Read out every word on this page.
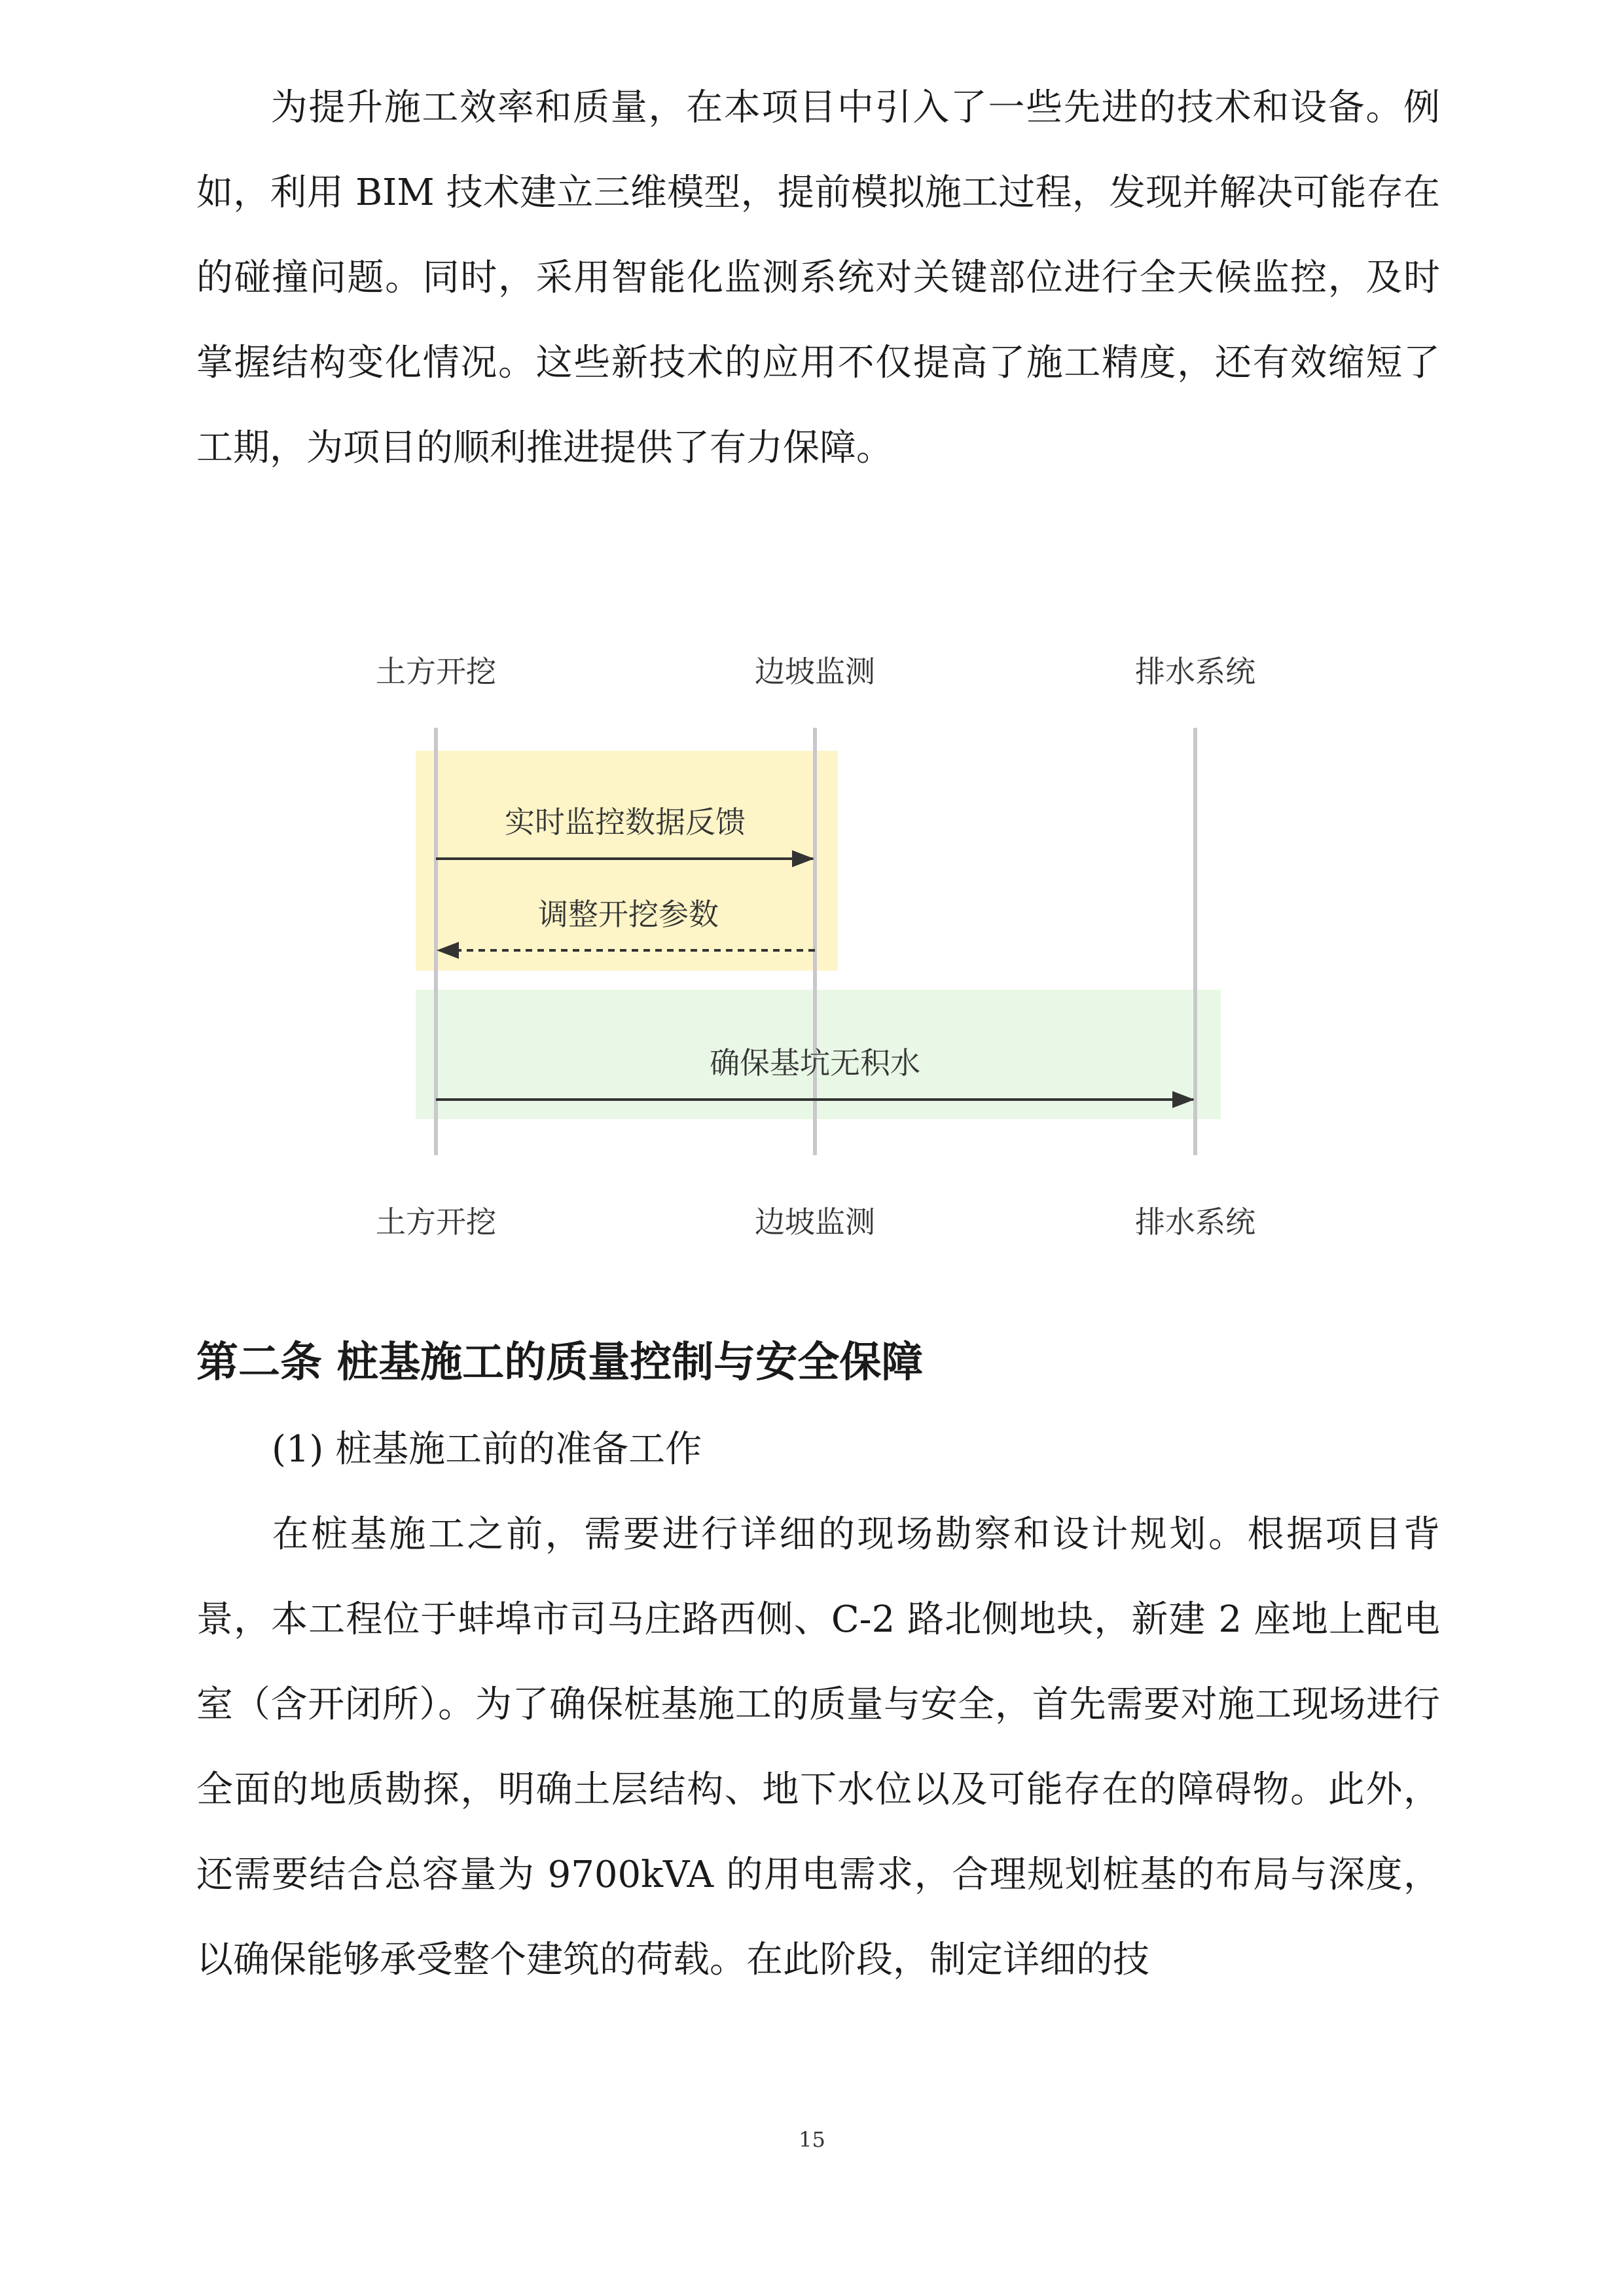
为提升施工效率和质量，在本项目中引入了一些先进的技术和设备。例如，利用 BIM 技术建立三维模型，提前模拟施工过程，发现并解决可能存在的碰撞问题。同时，采用智能化监测系统对关键部位进行全天候监控，及时掌握结构变化情况。这些新技术的应用不仅提高了施工精度，还有效缩短了工期，为项目的顺利推进提供了有力保障。

土方开挖	边坡监测	排水系统
实时监控数据反馈
调整开挖参数
确保基坑无积水
土方开挖	边坡监测	排水系统
第二条 桩基施工的质量控制与安全保障

(1) 桩基施工前的准备工作

在桩基施工之前，需要进行详细的现场勘察和设计规划。根据项目背景，本工程位于蚌埠市司马庄路西侧、C-2 路北侧地块，新建 2 座地上配电室（含开闭所）。为了确保桩基施工的质量与安全，首先需要对施工现场进行全面的地质勘探，明确土层结构、地下水位以及可能存在的障碍物。此外，还需要结合总容量为 9700kVA 的用电需求，合理规划桩基的布局与深度，以确保能够承受整个建筑的荷载。在此阶段，制定详细的技

15
